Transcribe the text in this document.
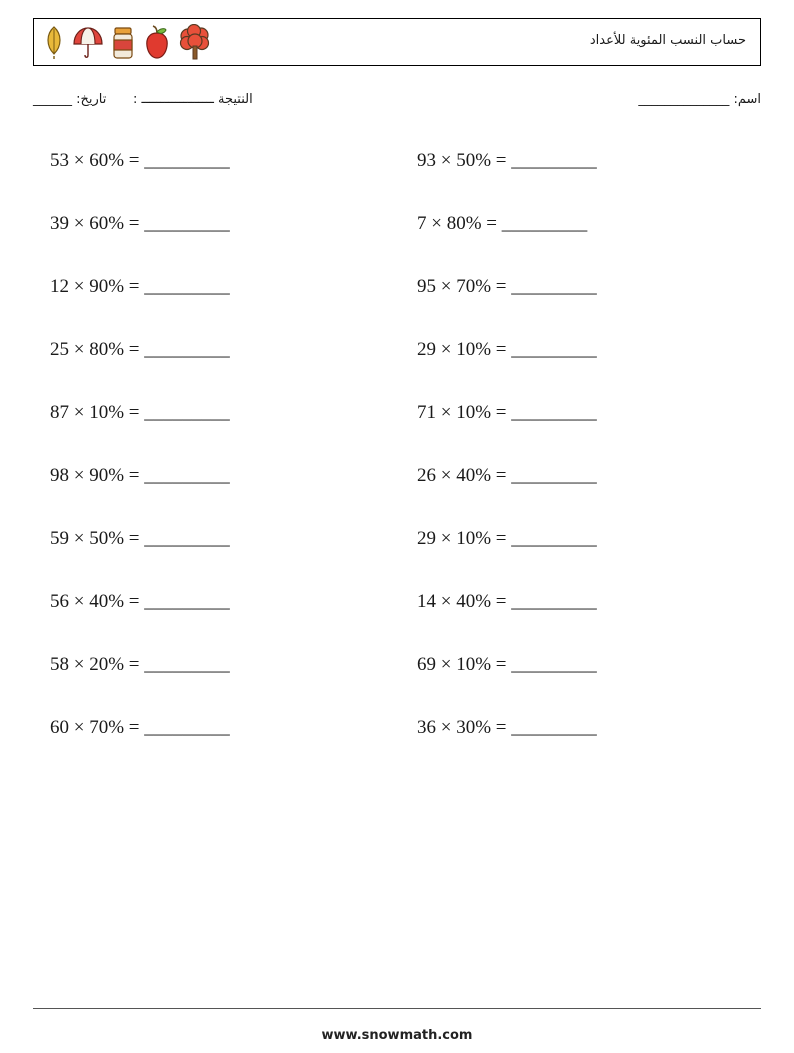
حساب النسب المئوية للأعداد
اسم: ______________
النتيجة ـــــــــــــــــــ :
تاريخ: ______
53 × 60% = _________	93 × 50% = _________
39 × 60% = _________	7 × 80% = _________
12 × 90% = _________	95 × 70% = _________
25 × 80% = _________	29 × 10% = _________
87 × 10% = _________	71 × 10% = _________
98 × 90% = _________	26 × 40% = _________
59 × 50% = _________	29 × 10% = _________
56 × 40% = _________	14 × 40% = _________
58 × 20% = _________	69 × 10% = _________
60 × 70% = _________	36 × 30% = _________
www.snowmath.com
